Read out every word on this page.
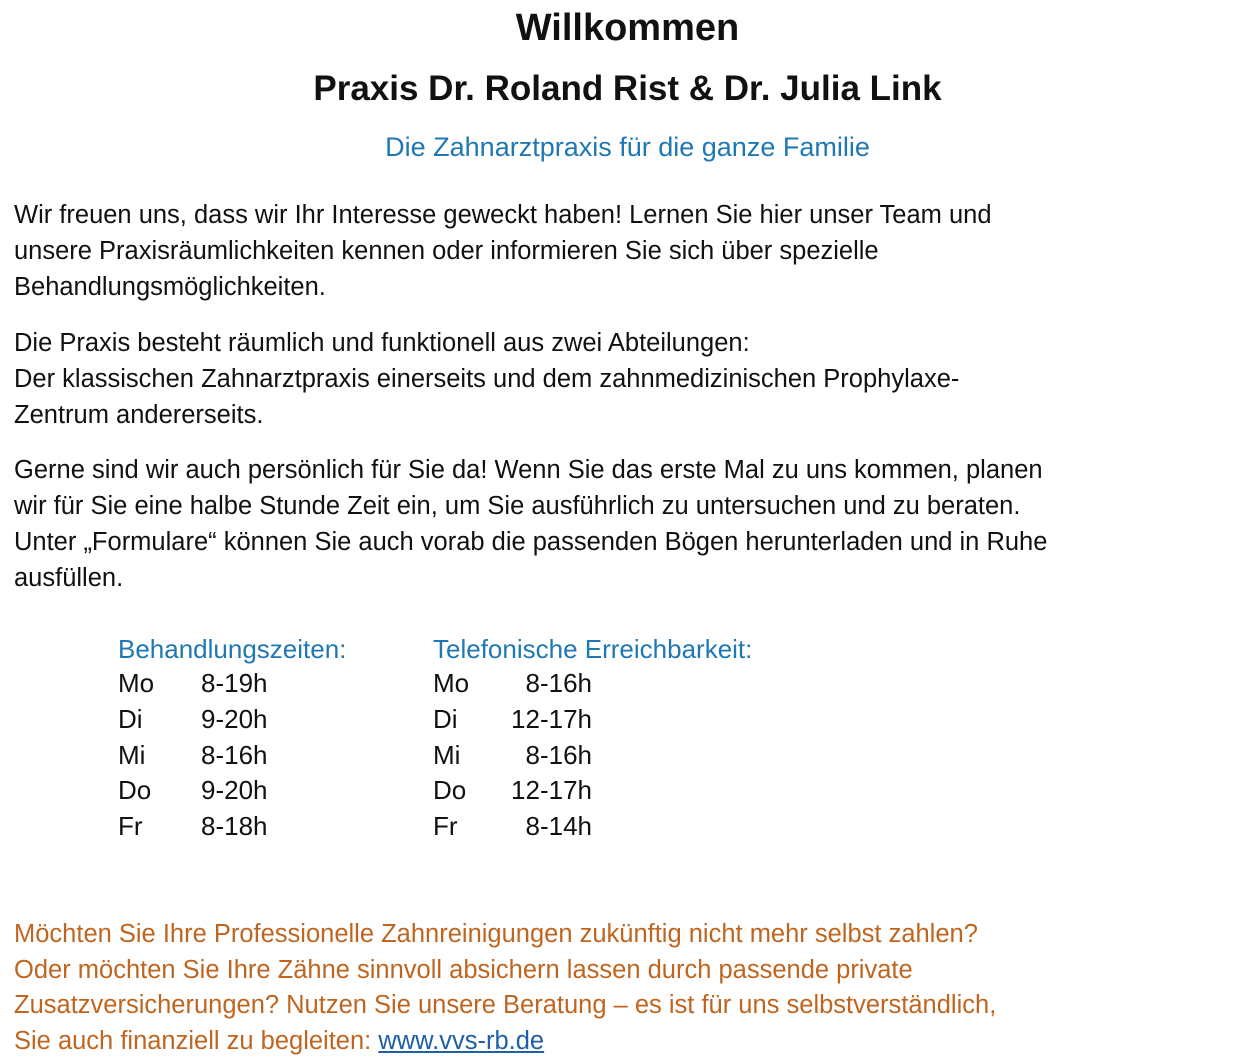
Willkommen
Praxis Dr. Roland Rist & Dr. Julia Link
Die Zahnarztpraxis für die ganze Familie

Wir freuen uns, dass wir Ihr Interesse geweckt haben! Lernen Sie hier unser Team und
unsere Praxisräumlichkeiten kennen oder informieren Sie sich über spezielle
Behandlungsmöglichkeiten.

Die Praxis besteht räumlich und funktionell aus zwei Abteilungen:
Der klassischen Zahnarztpraxis einerseits und dem zahnmedizinischen Prophylaxe-
Zentrum andererseits.

Gerne sind wir auch persönlich für Sie da! Wenn Sie das erste Mal zu uns kommen, planen
wir für Sie eine halbe Stunde Zeit ein, um Sie ausführlich zu untersuchen und zu beraten.
Unter „Formulare“ können Sie auch vorab die passenden Bögen herunterladen und in Ruhe
ausfüllen.

Behandlungszeiten:
Mo 8-19h
Di 9-20h
Mi 8-16h
Do 9-20h
Fr 8-18h
Telefonische Erreichbarkeit:
Mo	8-16h
Di 12-17h
Mi	8-16h
Do 12-17h
Fr	8-14h
Möchten Sie Ihre Professionelle Zahnreinigungen zukünftig nicht mehr selbst zahlen?
Oder möchten Sie Ihre Zähne sinnvoll absichern lassen durch passende private
Zusatzversicherungen? Nutzen Sie unsere Beratung – es ist für uns selbstverständlich,
Sie auch finanziell zu begleiten: www.vvs-rb.de
